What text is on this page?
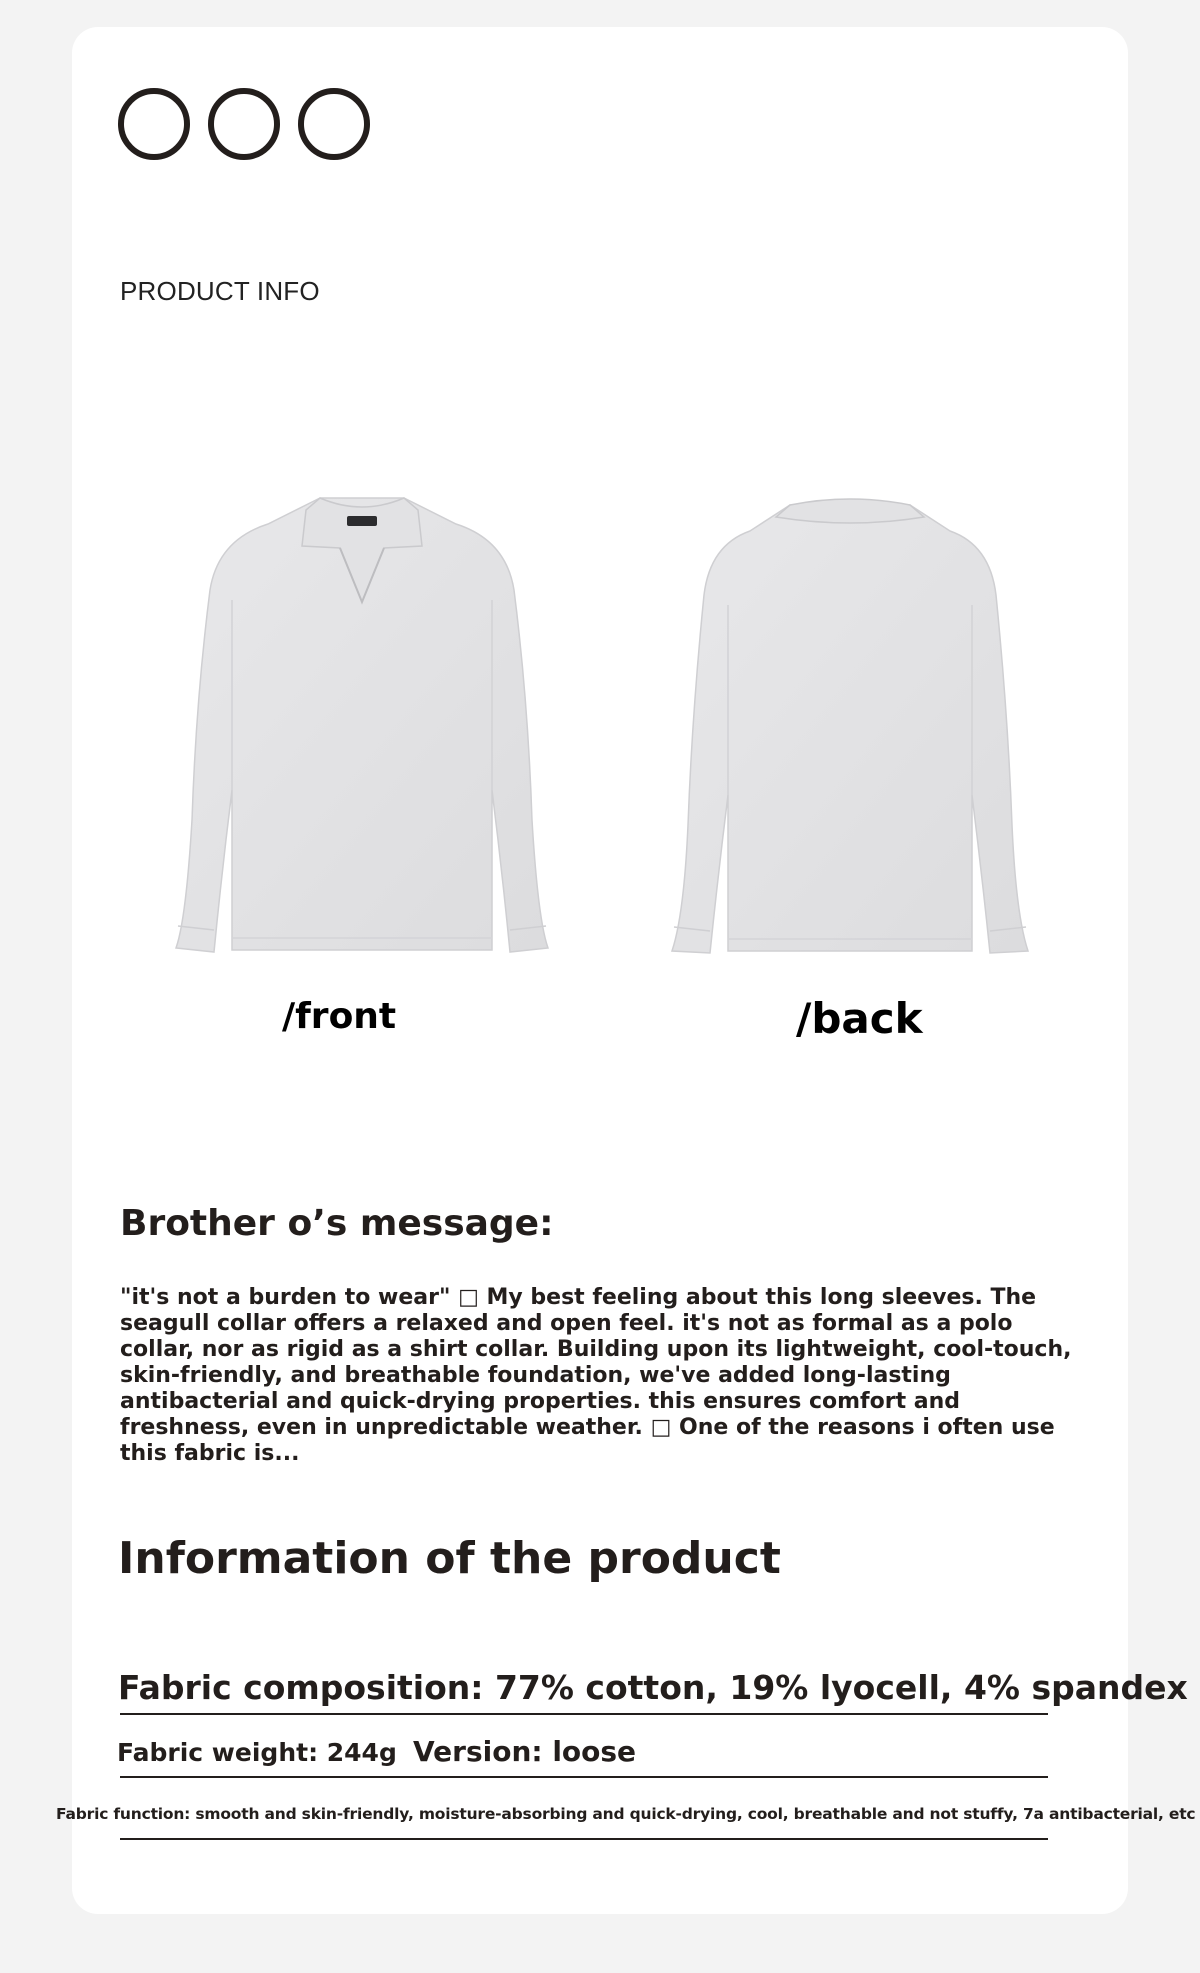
PRODUCT INFO
/front	/back
Brother o’s message:
"it's not a burden to wear" □ My best feeling about this long sleeves. The seagull collar offers a relaxed and open feel. it's not as formal as a polo collar, nor as rigid as a shirt collar. Building upon its lightweight, cool-touch, skin-friendly, and breathable foundation, we've added long-lasting antibacterial and quick-drying properties. this ensures comfort and freshness, even in unpredictable weather. □ One of the reasons i often use this fabric is...
Information of the product
Fabric composition: 77% cotton, 19% lyocell, 4% spandex
Fabric weight: 244g Version: loose
Fabric function: smooth and skin-friendly, moisture-absorbing and quick-drying, cool, breathable and not stuffy, 7a antibacterial, etc
